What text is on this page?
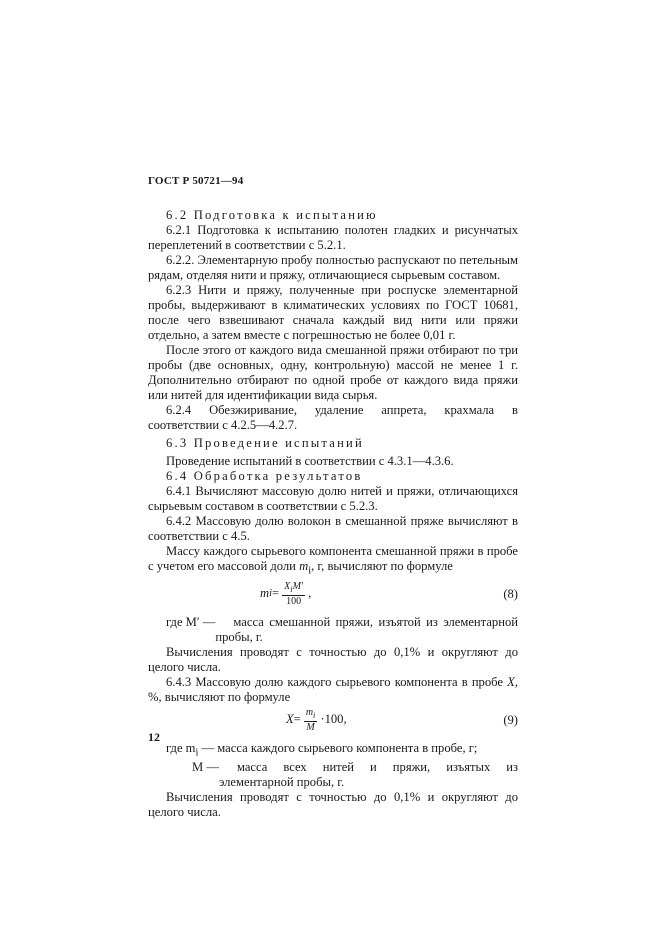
ГОСТ Р 50721—94

6.2 Подготовка к испытанию

6.2.1 Подготовка к испытанию полотен гладких и рисунчатых переплетений в соответствии с 5.2.1.

6.2.2. Элементарную пробу полностью распускают по петельным рядам, отделяя нити и пряжу, отличающиеся сырьевым составом.

6.2.3 Нити и пряжу, полученные при роспуске элементарной пробы, выдерживают в климатических условиях по ГОСТ 10681, после чего взвешивают сначала каждый вид нити или пряжи отдельно, а затем вместе с погрешностью не более 0,01 г.

После этого от каждого вида смешанной пряжи отбирают по три пробы (две основных, одну, контрольную) массой не менее 1 г. Дополнительно отбирают по одной пробе от каждого вида пряжи или нитей для идентификации вида сырья.

6.2.4 Обезжиривание, удаление аппрета, крахмала в соответствии с 4.2.5—4.2.7.

6.3 Проведение испытаний

Проведение испытаний в соответствии с 4.3.1—4.3.6.

6.4 Обработка результатов

6.4.1 Вычисляют массовую долю нитей и пряжи, отличающихся сырьевым составом в соответствии с 5.2.3.

6.4.2 Массовую долю волокон в смешанной пряже вычисляют в соответствии с 4.5.

Массу каждого сырьевого компонента смешанной пряжи в пробе с учетом его массовой доли $m_i$, г, вычисляют по формуле

m $i = \frac{X_iM'}{100}$ ,	(8)

где M′ —	масса смешанной пряжи, изъятой из элементарной пробы, г.

Вычисления проводят с точностью до 0,1% и округляют до целого числа.

6.4.3 Массовую долю каждого сырьевого компонента в пробе X, %, вычисляют по формуле

$X = \frac{m_i}{M} \cdot 100$,	(9)

где $m_i$ — масса каждого сырьевого компонента в пробе, г;

M —	масса всех нитей и пряжи, изъятых из элементарной пробы, г.

Вычисления проводят с точностью до 0,1% и округляют до целого числа.

12
